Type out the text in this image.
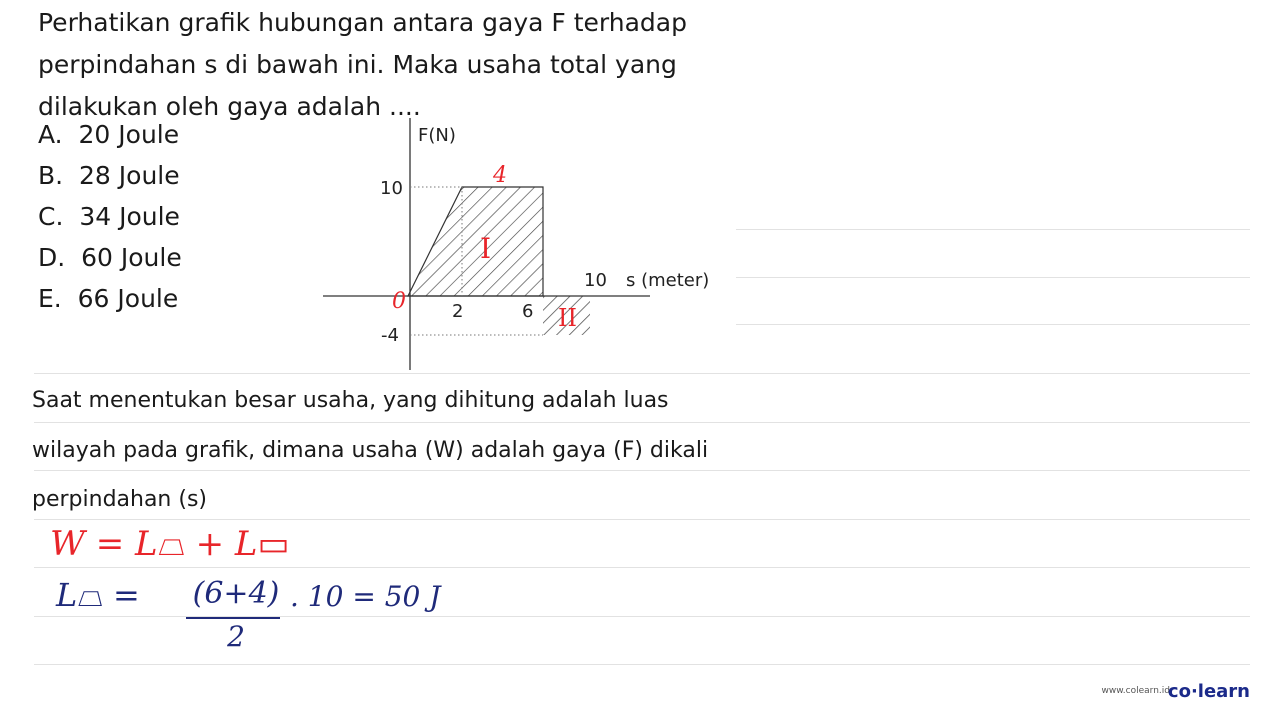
Perhatikan grafik hubungan antara gaya F terhadap
perpindahan s di bawah ini. Maka usaha total yang
dilakukan oleh gaya adalah ....
A. 20 Joule
B. 28 Joule
C. 34 Joule
D. 60 Joule
E. 66 Joule
F(N)
10
-4
2	6
10 s (meter)
0
4
I
II
Saat menentukan besar usaha, yang dihitung adalah luas
wilayah pada grafik, dimana usaha (W) adalah gaya (F) dikali
perpindahan (s)
W = L⏢ + L▭
L⏢ = (6+4)
2
. 10 = 50 J
www.colearn.id
co·learn
